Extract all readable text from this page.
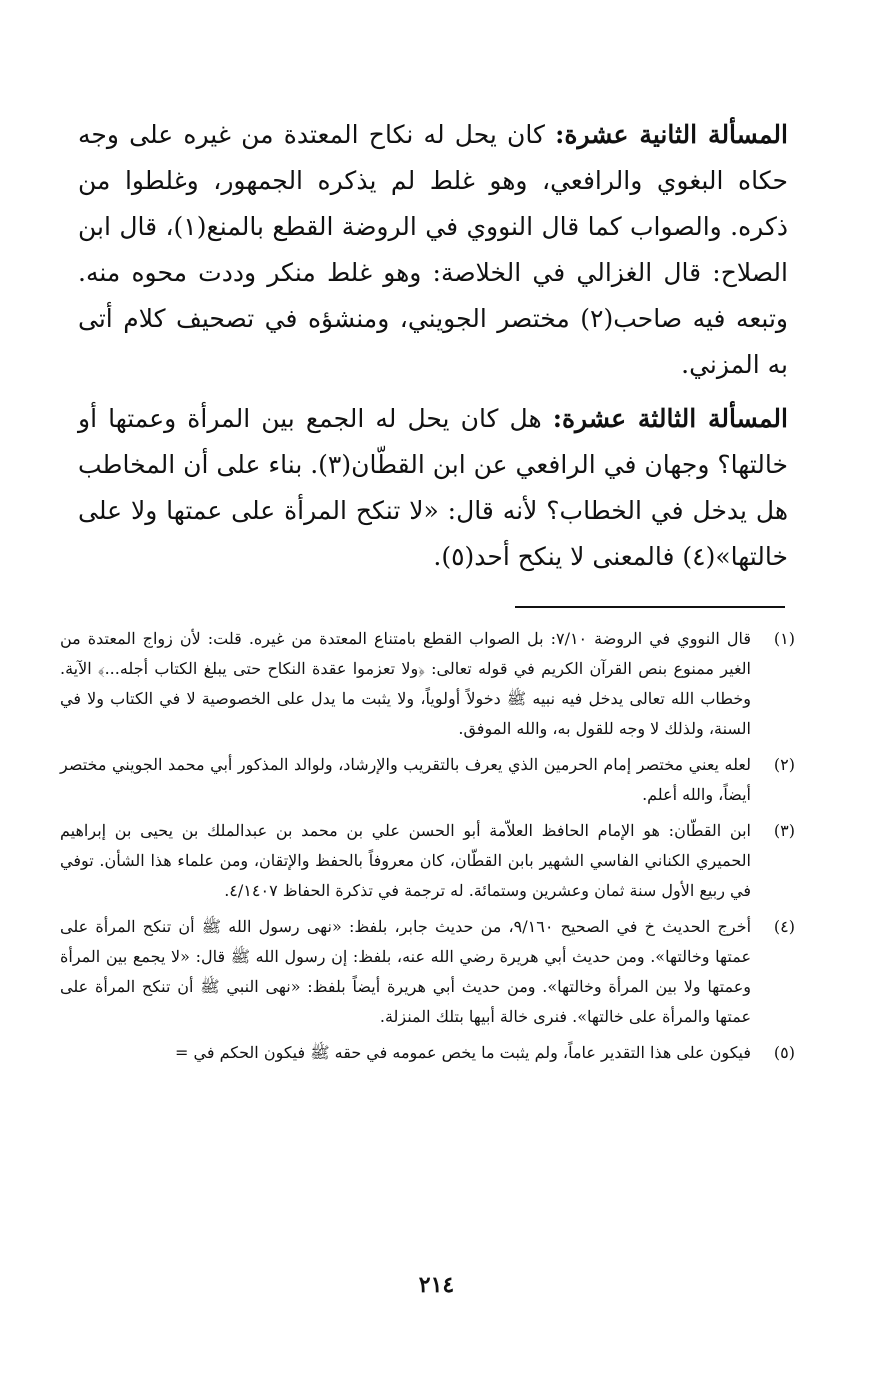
المسألة الثانية عشرة: كان يحل له نكاح المعتدة من غيره على وجه حكاه البغوي والرافعي، وهو غلط لم يذكره الجمهور، وغلطوا من ذكره. والصواب كما قال النووي في الروضة القطع بالمنع(١)، قال ابن الصلاح: قال الغزالي في الخلاصة: وهو غلط منكر وددت محوه منه. وتبعه فيه صاحب(٢) مختصر الجويني، ومنشؤه في تصحيف كلام أتى به المزني.

المسألة الثالثة عشرة: هل كان يحل له الجمع بين المرأة وعمتها أو خالتها؟ وجهان في الرافعي عن ابن القطّان(٣). بناء على أن المخاطب هل يدخل في الخطاب؟ لأنه قال: «لا تنكح المرأة على عمتها ولا على خالتها»(٤) فالمعنى لا ينكح أحد(٥).

(١)
قال النووي في الروضة ٧/١٠: بل الصواب القطع بامتناع المعتدة من غيره. قلت: لأن زواج المعتدة من الغير ممنوع بنص القرآن الكريم في قوله تعالى: ﴿ولا تعزموا عقدة النكاح حتى يبلغ الكتاب أجله...﴾ الآية. وخطاب الله تعالى يدخل فيه نبيه ﷺ دخولاً أولوياً، ولا يثبت ما يدل على الخصوصية لا في الكتاب ولا في السنة، ولذلك لا وجه للقول به، والله الموفق.
(٢)
لعله يعني مختصر إمام الحرمين الذي يعرف بالتقريب والإرشاد، ولوالد المذكور أبي محمد الجويني مختصر أيضاً، والله أعلم.
(٣)
ابن القطّان: هو الإمام الحافظ العلاّمة أبو الحسن علي بن محمد بن عبدالملك بن يحيى بن إبراهيم الحميري الكناني الفاسي الشهير بابن القطّان، كان معروفاً بالحفظ والإتقان، ومن علماء هذا الشأن. توفي في ربيع الأول سنة ثمان وعشرين وستمائة. له ترجمة في تذكرة الحفاظ ٤/١٤٠٧.
(٤)
أخرج الحديث خ في الصحيح ٩/١٦٠، من حديث جابر، بلفظ: «نهى رسول الله ﷺ أن تنكح المرأة على عمتها وخالتها». ومن حديث أبي هريرة رضي الله عنه، بلفظ: إن رسول الله ﷺ قال: «لا يجمع بين المرأة وعمتها ولا بين المرأة وخالتها». ومن حديث أبي هريرة أيضاً بلفظ: «نهى النبي ﷺ أن تنكح المرأة على عمتها والمرأة على خالتها». فنرى خالة أبيها بتلك المنزلة.
(٥)
فيكون على هذا التقدير عاماً، ولم يثبت ما يخص عمومه في حقه ﷺ فيكون الحكم في =
٢١٤
